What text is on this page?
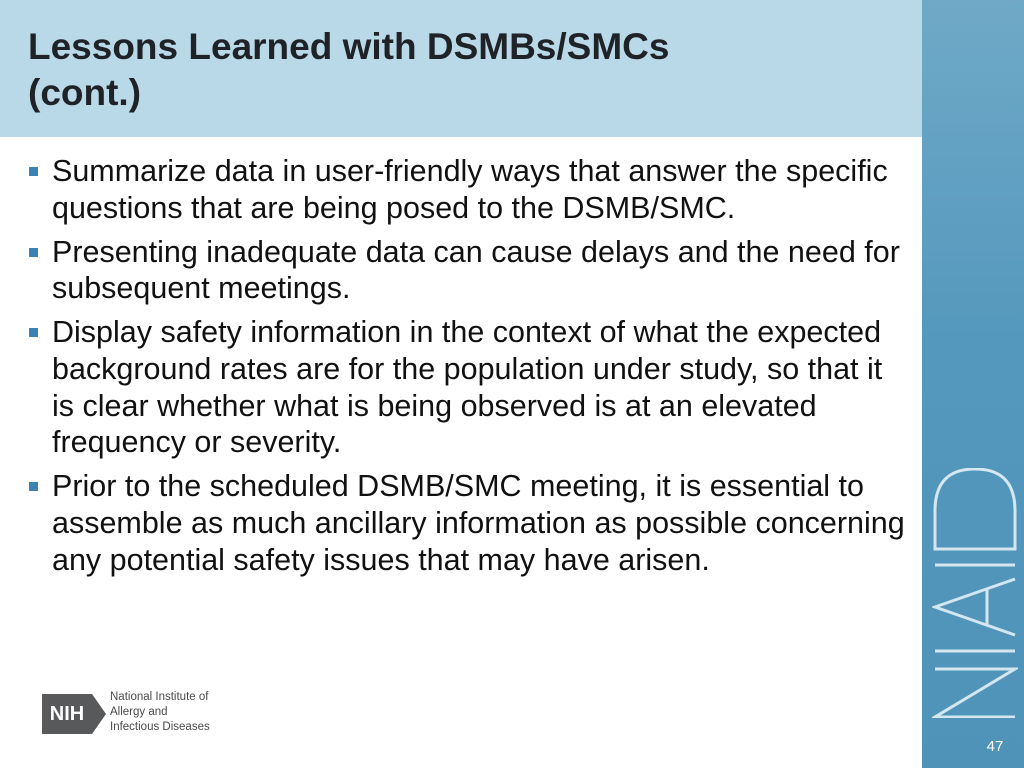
Lessons Learned with DSMBs/SMCs
(cont.)
47
Summarize data in user-friendly ways that answer the specific questions that are being posed to the DSMB/SMC.
Presenting inadequate data can cause delays and the need for subsequent meetings.
Display safety information in the context of what the expected background rates are for the population under study, so that it is clear whether what is being observed is at an elevated frequency or severity.
Prior to the scheduled DSMB/SMC meeting, it is essential to assemble as much ancillary information as possible concerning any potential safety issues that may have arisen.
NIH
National Institute of
Allergy and
Infectious Diseases
